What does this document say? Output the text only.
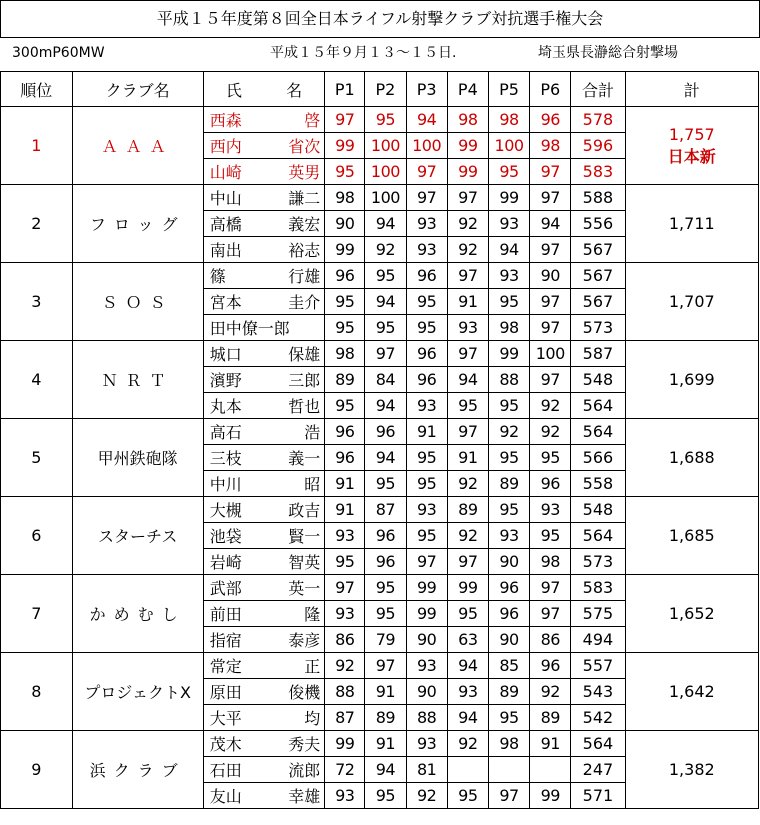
平成１５年度第８回全日本ライフル射撃クラブ対抗選手権大会
300mP60MW	平成１５年９月１３～１５日.	埼玉県長瀞総合射撃場
順位	クラブ名	氏 名	P1	P2	P3	P4	P5	P6	合計	計
1	ＡＡＡ	西森 啓	97	95	94	98	98	96	578	1,757
日本新

		西内 省次	99	100	100	99	100	98	596	

		山崎 英男	95	100	97	99	95	97	583	
2	フロッグ	中山 謙二	98	100	97	97	99	97	588	1,711

		高橋 義宏	90	94	93	92	93	94	556	

		南出 裕志	99	92	93	92	94	97	567	
3	ＳＯＳ	篠 行雄	96	95	96	97	93	90	567	1,707

		宮本 圭介	95	94	95	91	95	97	567	

		田中僚一郎	95	95	95	93	98	97	573	
4	ＮＲＴ	城口 保雄	98	97	96	97	99	100	587	1,699

		濱野 三郎	89	84	96	94	88	97	548	

		丸本 哲也	95	94	93	95	95	92	564	
5	甲州鉄砲隊	高石 浩	96	96	91	97	92	92	564	1,688

		三枝 義一	96	94	95	91	95	95	566	

		中川 昭	91	95	95	92	89	96	558	
6	スターチス	大槻 政吉	91	87	93	89	95	93	548	1,685

		池袋 賢一	93	96	95	92	93	95	564	

		岩崎 智英	95	96	97	97	90	98	573	
7	かめむし	武部 英一	97	95	99	99	96	97	583	1,652

		前田 隆	93	95	99	95	96	97	575	

		指宿 泰彦	86	79	90	63	90	86	494	
8	プロジェクトX	常定 正	92	97	93	94	85	96	557	1,642

		原田 俊機	88	91	90	93	89	92	543	

		大平 均	87	89	88	94	95	89	542	
9	浜クラブ	茂木 秀夫	99	91	93	92	98	91	564	1,382

		石田 流郎	72	94	81				247	

		友山 幸雄	93	95	92	95	97	99	571	
